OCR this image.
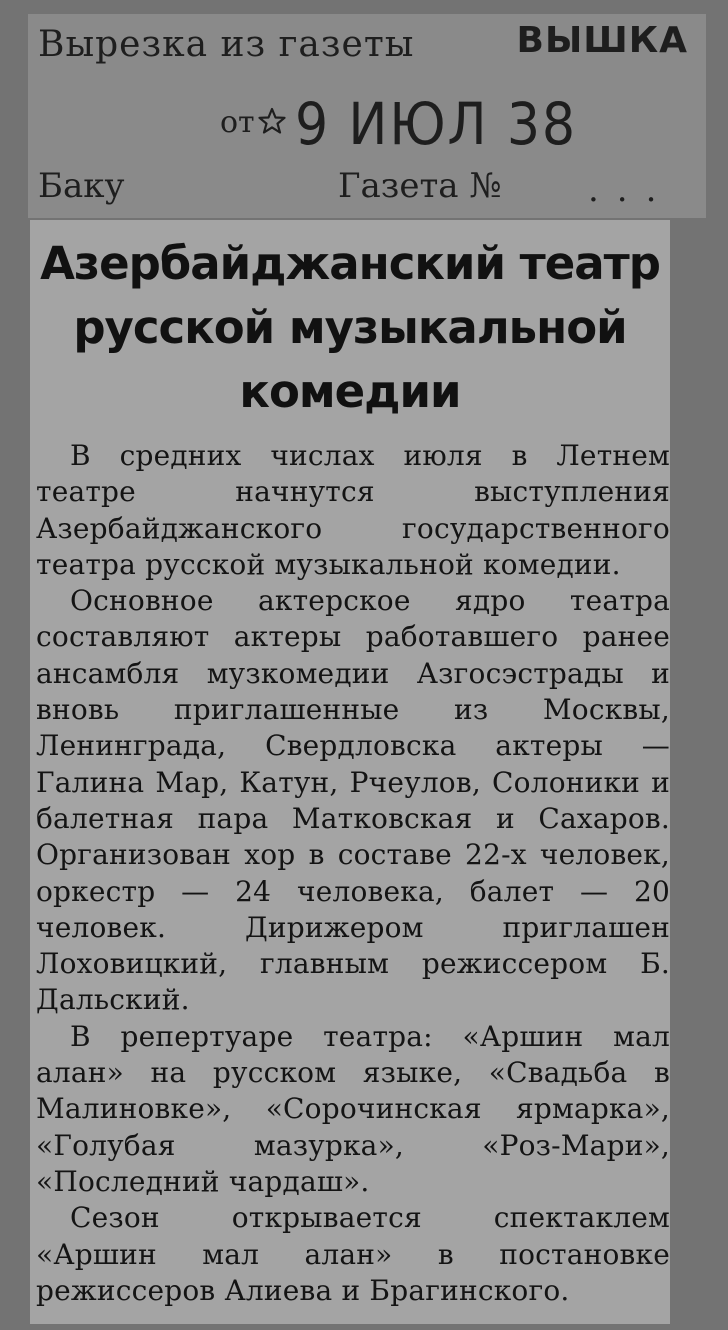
Вырезка из газеты	ВЫШКА
от 9 ИЮЛ 38
Баку	Газета №	...
Азербайджанский театр
русской музыкальной
комедии

В средних числах июля в Летнем театре начнутся выступления Азербайджанского государственного театра русской музыкальной комедии.

Основное актерское ядро театра составляют актеры работавшего ранее ансамбля музкомедии Азгосэстрады и вновь приглашенные из Москвы, Ленинграда, Свердловска актеры — Галина Мар, Катун, Рчеулов, Солоники и балетная пара Матковская и Сахаров. Организован хор в составе 22-х человек, оркестр — 24 человека, балет — 20 человек. Дирижером приглашен Лоховицкий, главным режиссером Б. Дальский.

В репертуаре театра: «Аршин мал алан» на русском языке, «Свадьба в Малиновке», «Сорочинская ярмарка», «Голубая мазурка», «Роз-Мари», «Последний чардаш».

Сезон открывается спектаклем «Аршин мал алан» в постановке режиссеров Алиева и Брагинского.
